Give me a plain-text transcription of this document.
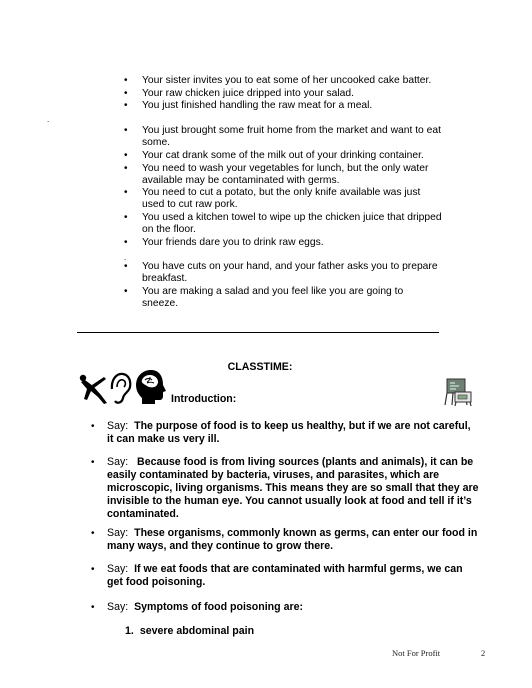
• Your sister invites you to eat some of her uncooked cake batter.
• Your raw chicken juice dripped into your salad.
• You just finished handling the raw meat for a meal.
• You just brought some fruit home from the market and want to eat some.
• Your cat drank some of the milk out of your drinking container.
• You need to wash your vegetables for lunch, but the only water available may be contaminated with germs.
• You need to cut a potato, but the only knife available was just used to cut raw pork.
• You used a kitchen towel to wipe up the chicken juice that dripped on the floor.
• Your friends dare you to drink raw eggs.
• You have cuts on your hand, and your father asks you to prepare breakfast.
• You are making a salad and you feel like you are going to sneeze.
.
.
CLASSTIME:
Introduction:
• Say: The purpose of food is to keep us healthy, but if we are not careful, it can make us very ill.
• Say: Because food is from living sources (plants and animals), it can be easily contaminated by bacteria, viruses, and parasites, which are microscopic, living organisms. This means they are so small that they are invisible to the human eye. You cannot usually look at food and tell if it’s contaminated.
• Say: These organisms, commonly known as germs, can enter our food in many ways, and they continue to grow there.
• Say: If we eat foods that are contaminated with harmful germs, we can get food poisoning.
• Say: Symptoms of food poisoning are:
1. severe abdominal pain
Not For Profit	2
